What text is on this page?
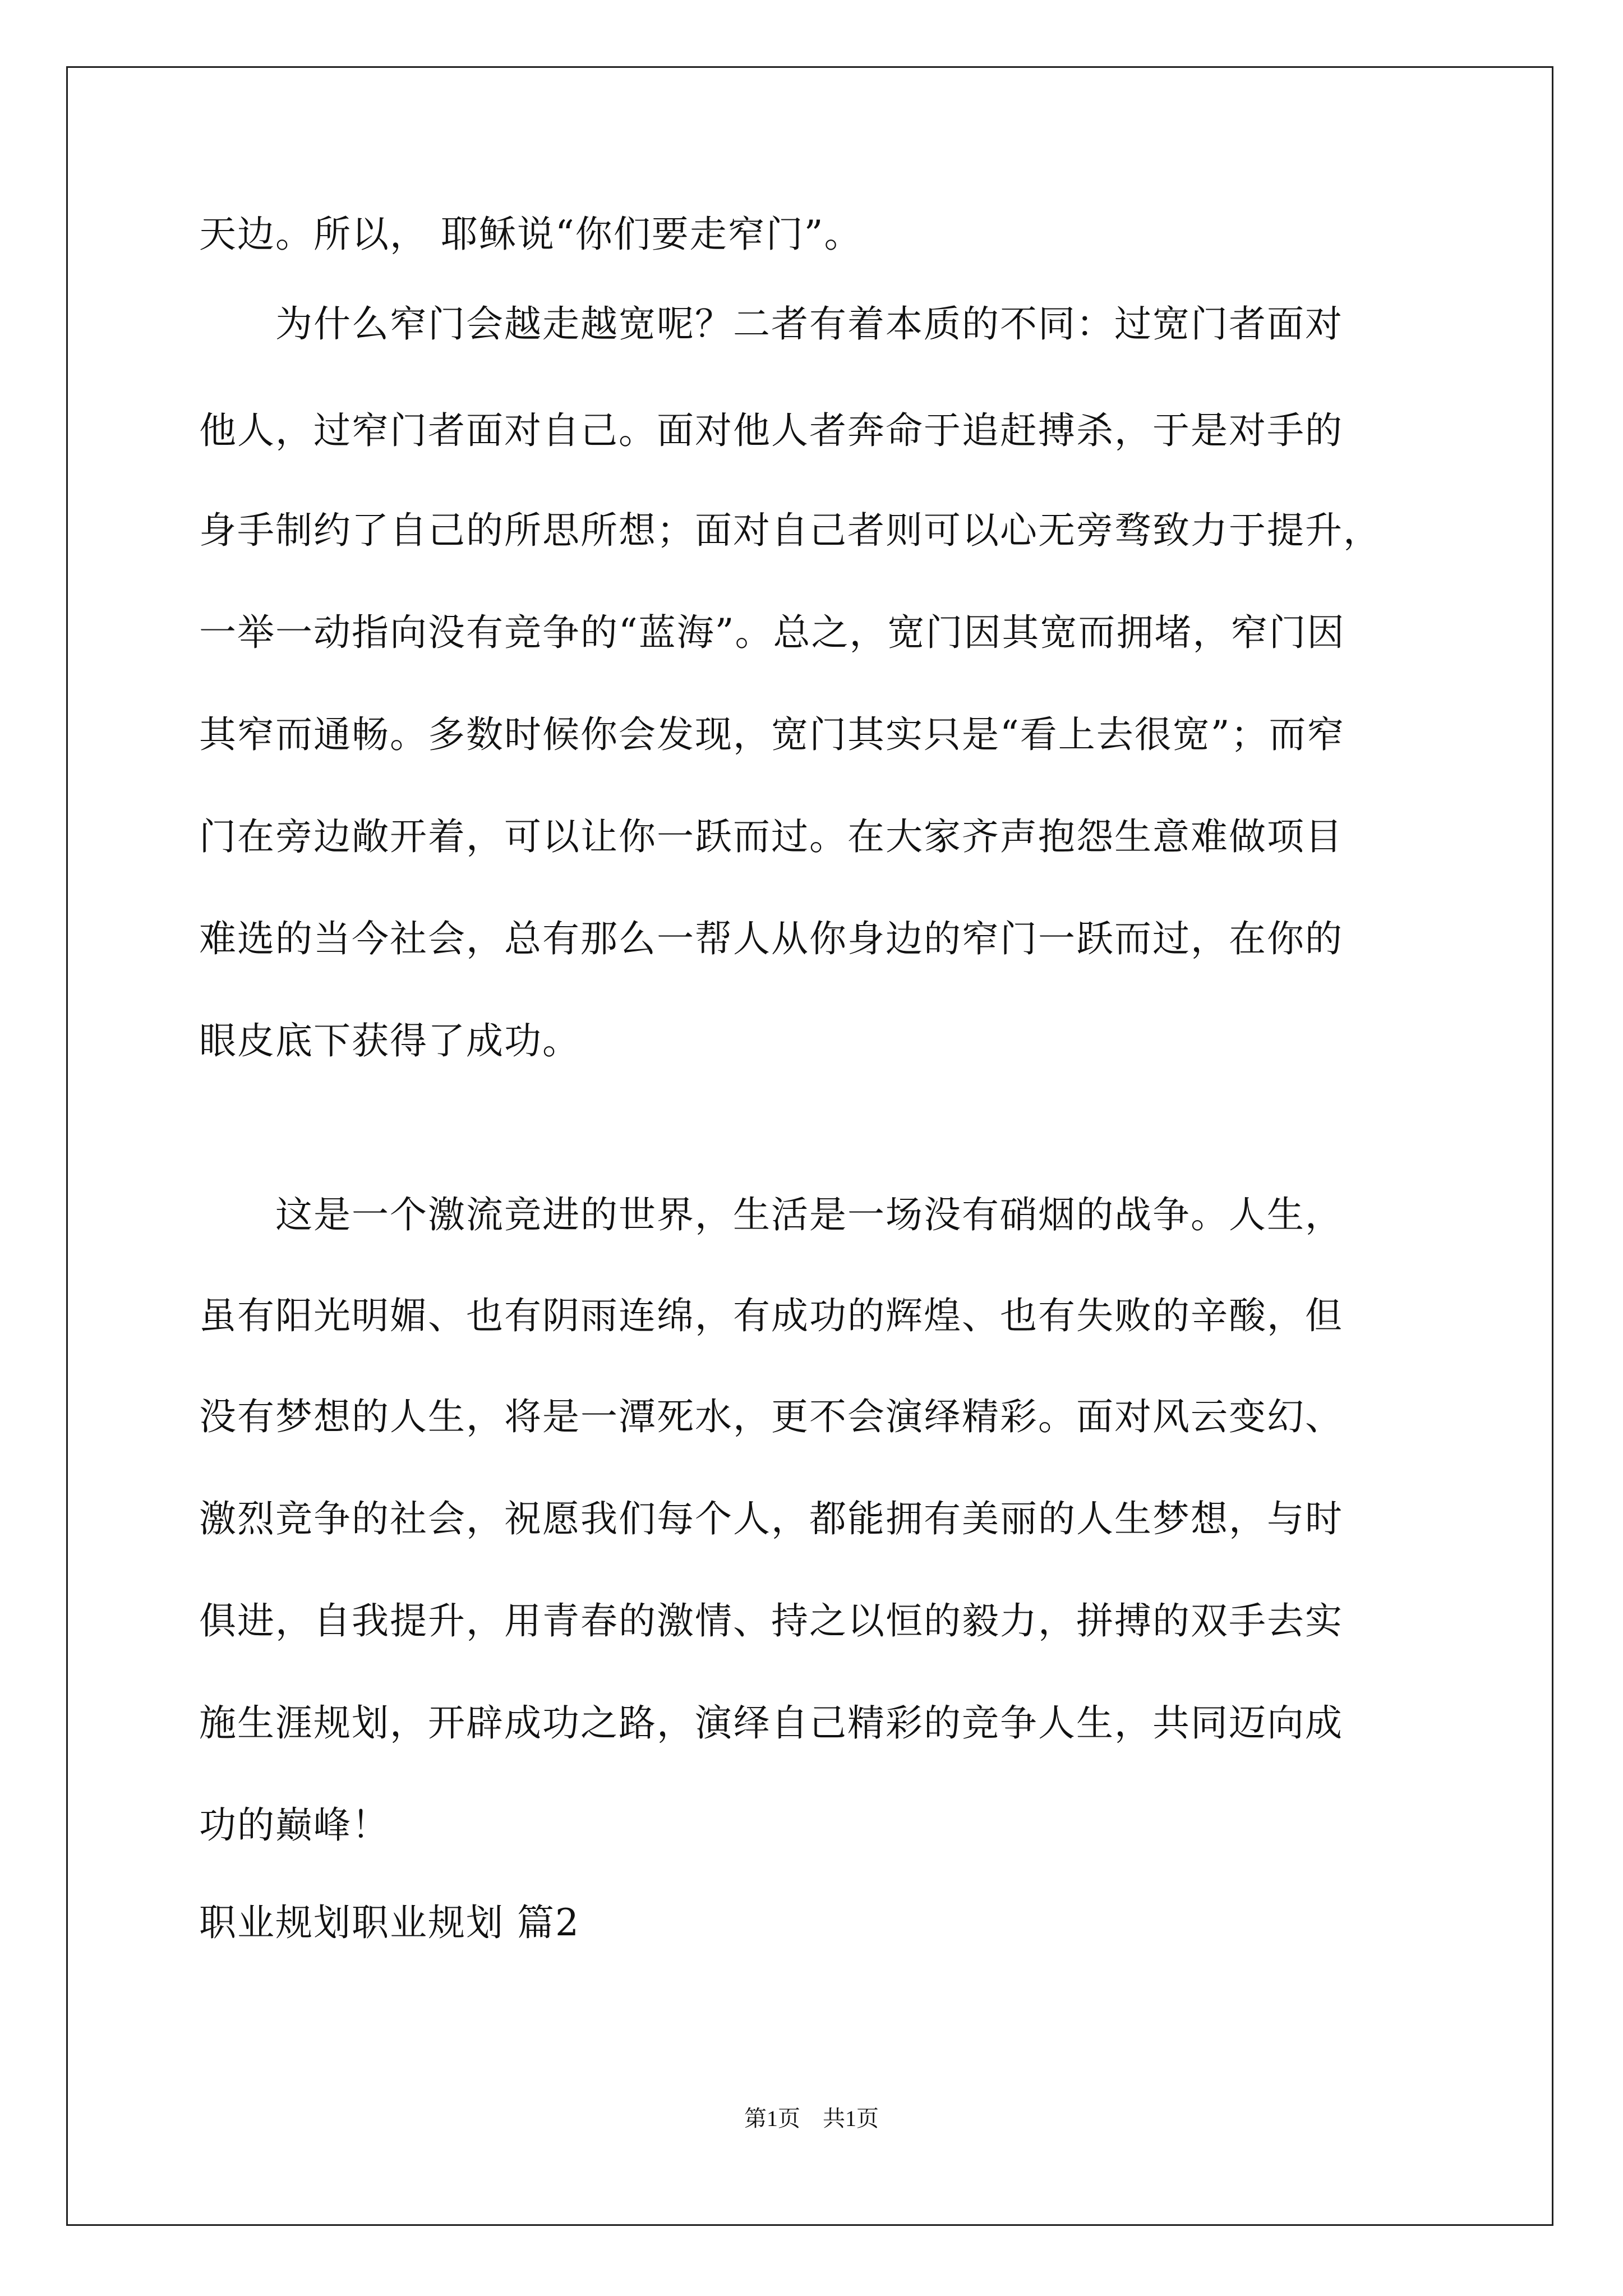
天边。所以， 耶稣说“你们要走窄门”。
　　为什么窄门会越走越宽呢？二者有着本质的不同：过宽门者面对
他人，过窄门者面对自己。面对他人者奔命于追赶搏杀，于是对手的
身手制约了自己的所思所想；面对自己者则可以心无旁骛致力于提升，
一举一动指向没有竞争的“蓝海”。总之，宽门因其宽而拥堵，窄门因
其窄而通畅。多数时候你会发现，宽门其实只是“看上去很宽”；而窄
门在旁边敞开着，可以让你一跃而过。在大家齐声抱怨生意难做项目
难选的当今社会，总有那么一帮人从你身边的窄门一跃而过，在你的
眼皮底下获得了成功。
　　这是一个激流竞进的世界，生活是一场没有硝烟的战争。人生，
虽有阳光明媚、也有阴雨连绵，有成功的辉煌、也有失败的辛酸，但
没有梦想的人生，将是一潭死水，更不会演绎精彩。面对风云变幻、
激烈竞争的社会，祝愿我们每个人，都能拥有美丽的人生梦想，与时
俱进，自我提升，用青春的激情、持之以恒的毅力，拼搏的双手去实
施生涯规划，开辟成功之路，演绎自己精彩的竞争人生，共同迈向成
功的巅峰！
职业规划职业规划 篇2
第1页　共1页
